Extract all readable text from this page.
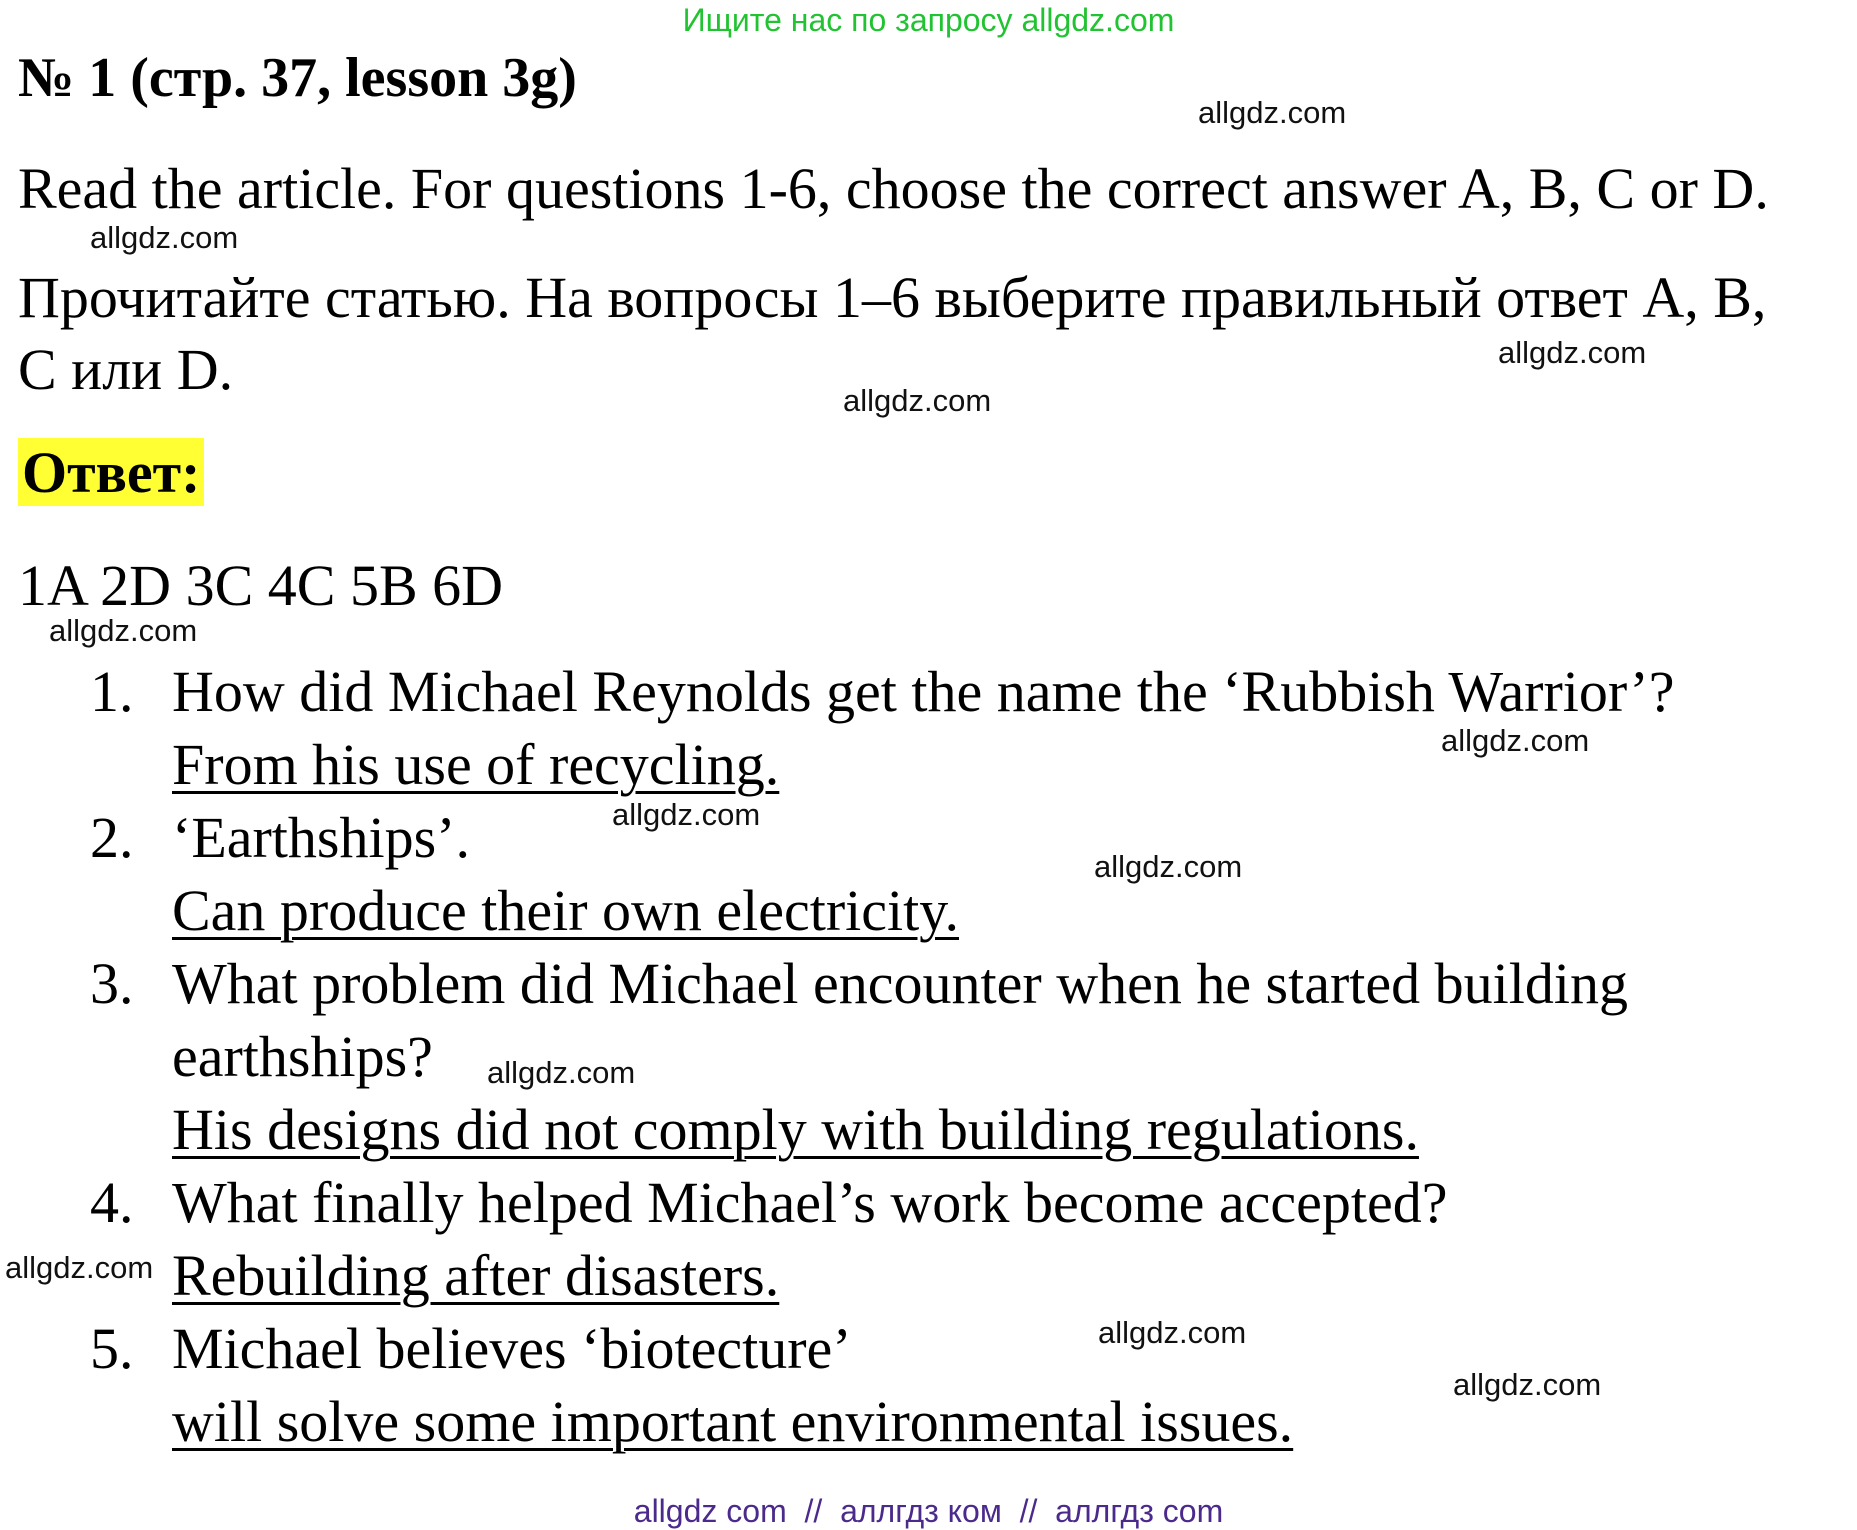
Ищите нас по запросу allgdz.com
№ 1 (стр. 37, lesson 3g)
Read the article. For questions 1-6, choose the correct answer A, B, C or D.
Прочитайте статью. На вопросы 1–6 выберите правильный ответ А, В, С или D.
Ответ:
1A 2D 3C 4C 5B 6D
1. How did Michael Reynolds get the name the ‘Rubbish Warrior’?
From his use of recycling.
2. ‘Earthships’.
Can produce their own electricity.
3. What problem did Michael encounter when he started building earthships?
His designs did not comply with building regulations.
4. What finally helped Michael’s work become accepted?
Rebuilding after disasters.
5. Michael believes ‘biotecture’
will solve some important environmental issues.
allgdz.com
allgdz.com
allgdz.com
allgdz.com
allgdz.com
allgdz.com
allgdz.com
allgdz.com
allgdz.com
allgdz.com
allgdz.com
allgdz.com
allgdz com // аллгдз ком // аллгдз com
